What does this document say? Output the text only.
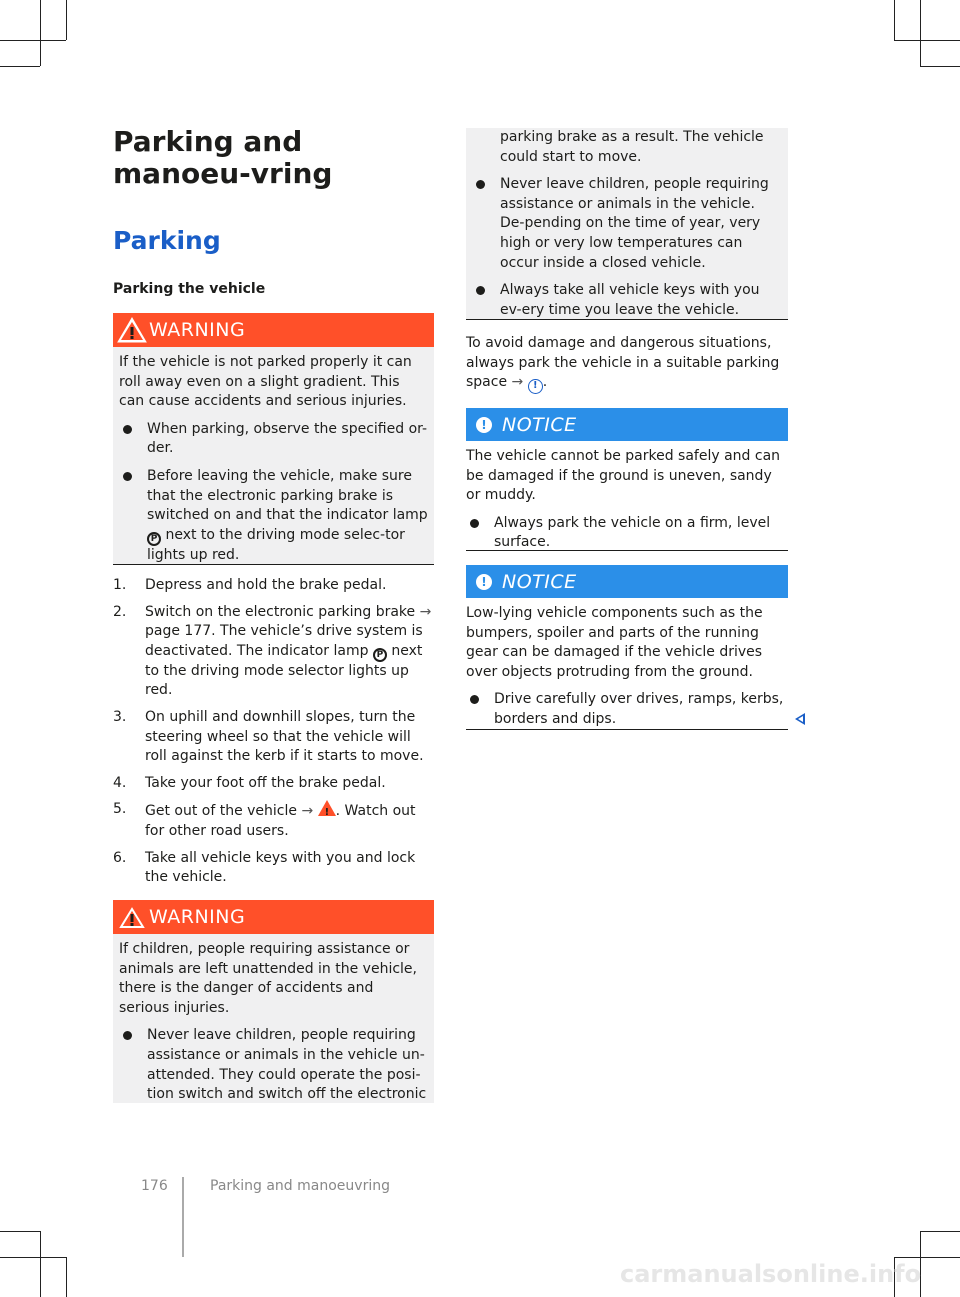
Parking and manoeu-vring
Parking
Parking the vehicle
WARNING

If the vehicle is not parked properly it can roll away even on a slight gradient. This can cause accidents and serious injuries.

When parking, observe the specified or-der.
Before leaving the vehicle, make sure that the electronic parking brake is switched on and that the indicator lamp P next to the driving mode selec-tor lights up red.
1.	Depress and hold the brake pedal.
2.	Switch on the electronic parking brake → page 177. The vehicle’s drive system is deactivated. The indicator lamp P next to the driving mode selector lights up red.
3.	On uphill and downhill slopes, turn the steering wheel so that the vehicle will roll against the kerb if it starts to move.
4.	Take your foot off the brake pedal.
5.	Get out of the vehicle → ! . Watch out for other road users.
6.	Take all vehicle keys with you and lock the vehicle.
WARNING

If children, people requiring assistance or animals are left unattended in the vehicle, there is the danger of accidents and serious injuries.

Never leave children, people requiring assistance or animals in the vehicle un-attended. They could operate the posi-tion switch and switch off the electronic

parking brake as a result. The vehicle could start to move.

Never leave children, people requiring assistance or animals in the vehicle. De-pending on the time of year, very high or very low temperatures can occur inside a closed vehicle.
Always take all vehicle keys with you ev-ery time you leave the vehicle.

To avoid damage and dangerous situations, always park the vehicle in a suitable parking space → ! .

! NOTICE

The vehicle cannot be parked safely and can be damaged if the ground is uneven, sandy or muddy.

Always park the vehicle on a firm, level surface.
! NOTICE

Low-lying vehicle components such as the bumpers, spoiler and parts of the running gear can be damaged if the vehicle drives over objects protruding from the ground.

Drive carefully over drives, ramps, kerbs, borders and dips.
176	Parking and manoeuvring
carmanualsonline.info
